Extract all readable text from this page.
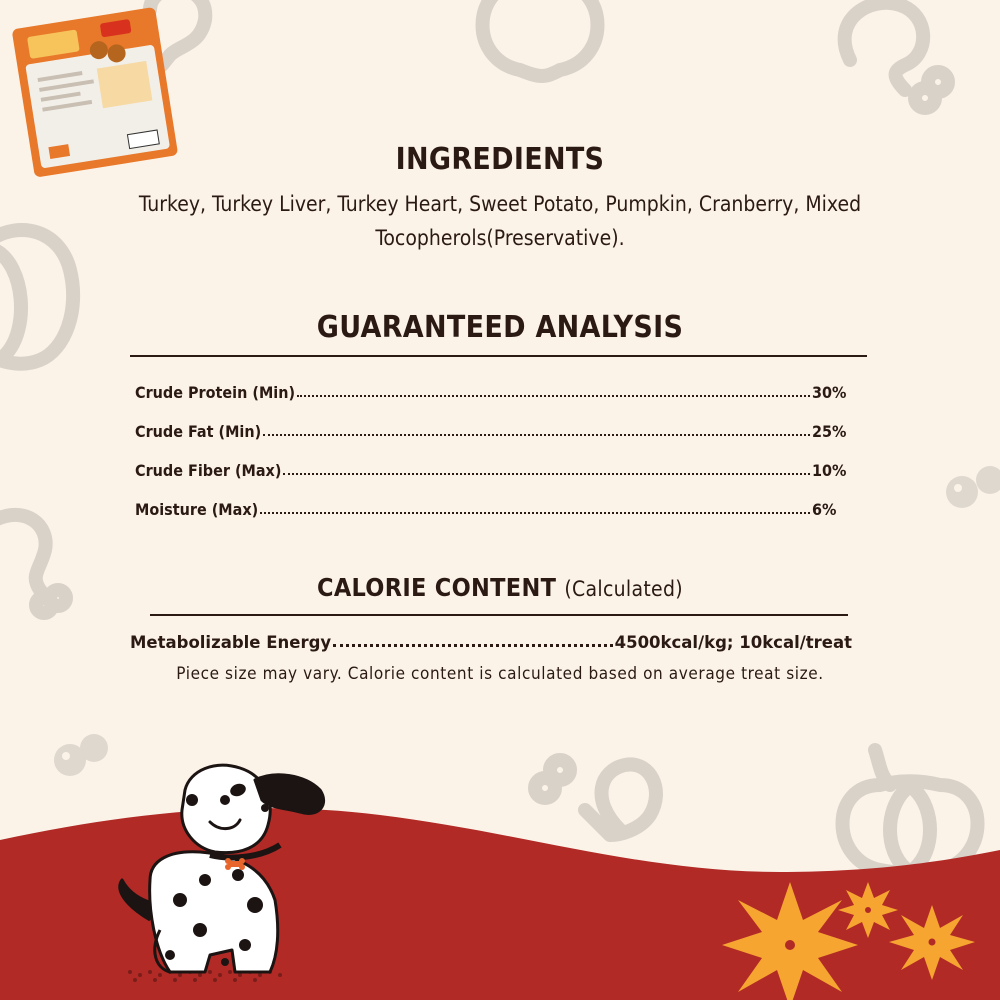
INGREDIENTS
Turkey, Turkey Liver, Turkey Heart, Sweet Potato, Pumpkin, Cranberry, Mixed
Tocopherols(Preservative).
GUARANTEED ANALYSIS
Crude Protein (Min)	30%
Crude Fat (Min)	25%
Crude Fiber (Max)	10%
Moisture (Max)	6%
CALORIE CONTENT (Calculated)
Metabolizable Energy	4500kcal/kg; 10kcal/treat
Piece size may vary. Calorie content is calculated based on average treat size.
